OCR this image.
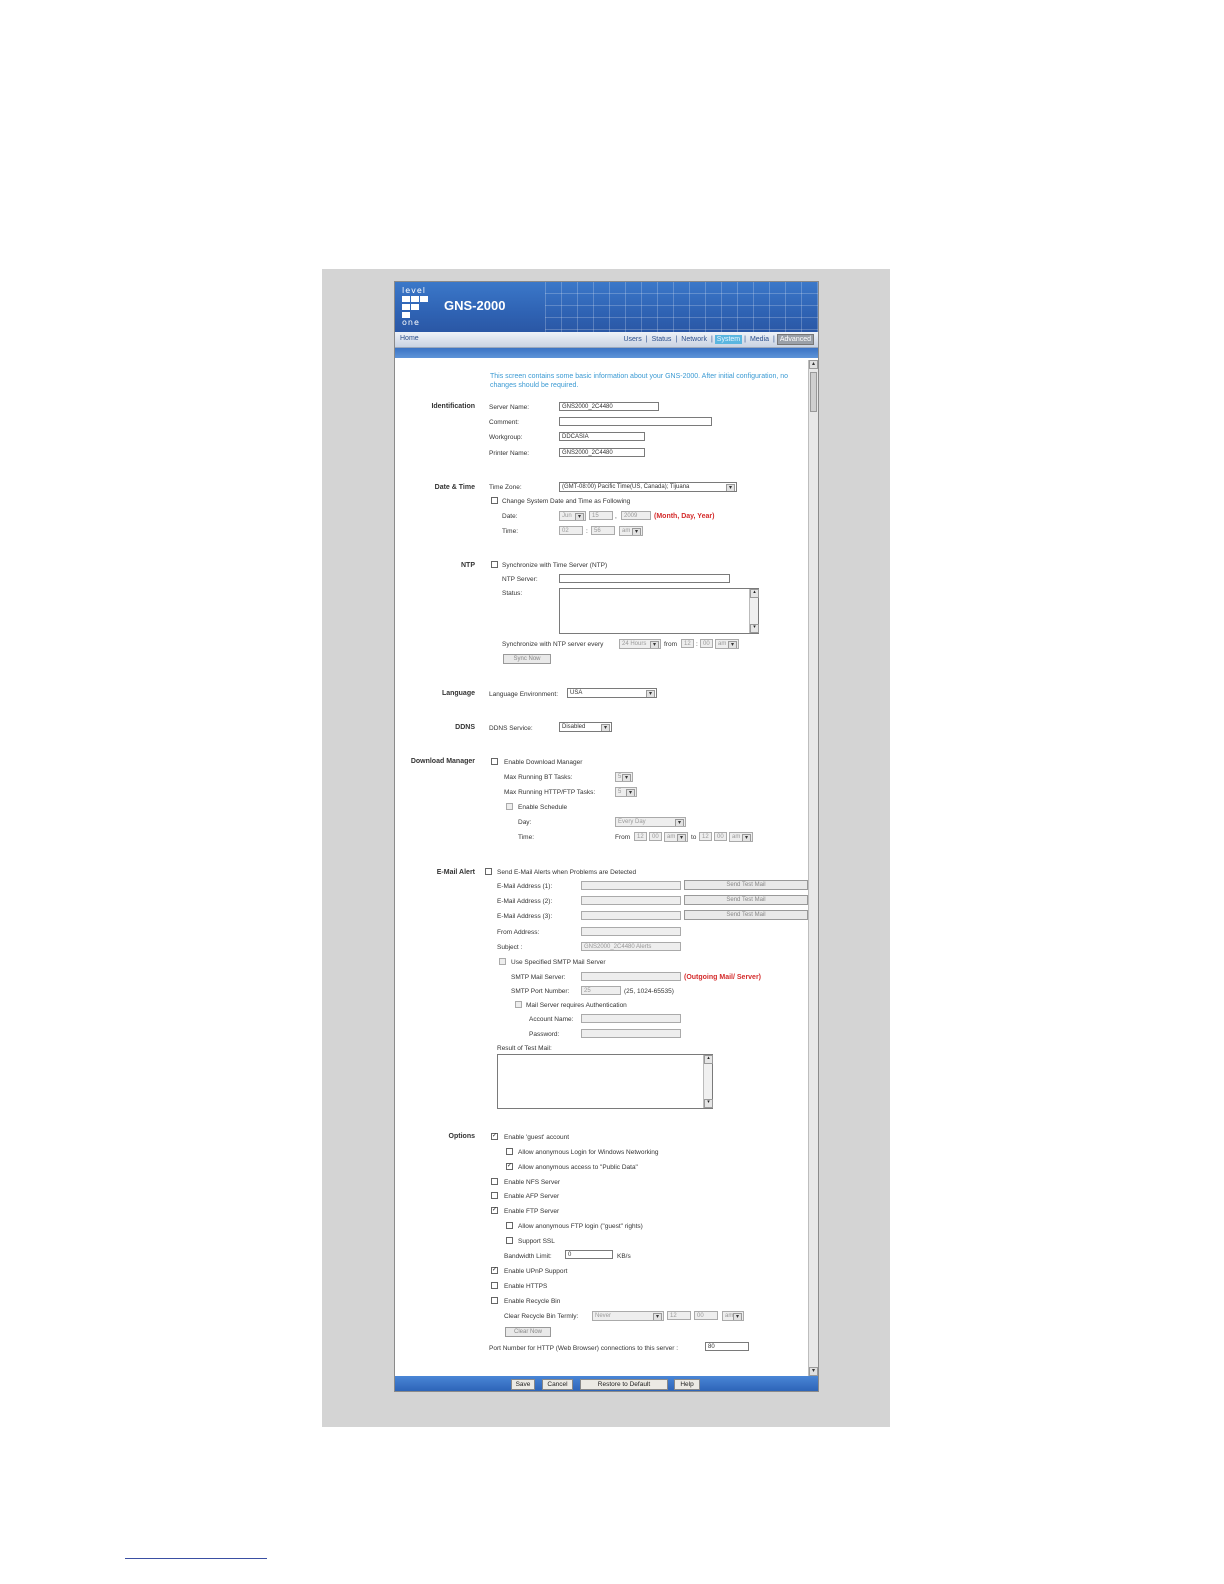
level
one
GNS-2000
Home	Users | Status | Network | System | Media | Advanced
This screen contains some basic information about your GNS-2000. After initial configuration, no changes should be required.
Identification Server Name:	GNS2000_2C4480
Comment:
Workgroup:	DDCASIA
Printer Name:	GNS2000_2C4480
Date & Time Time Zone:	(GMT-08:00) Pacific Time(US, Canada); Tijuana ▾
Change System Date and Time as Following
Date:	Jun ▾	15	,	2009	(Month, Day, Year)
Time:	02	:	56	am ▾
NTP	Synchronize with Time Server (NTP)
NTP Server:
Status:	▴
▾
Synchronize with NTP server every	24 Hours ▾	from	12 : 00	am ▾
Sync Now
Language Language Environment:	USA ▾
DDNS DDNS Service:	Disabled ▾
Download Manager	Enable Download Manager
Max Running BT Tasks:	5 ▾
Max Running HTTP/FTP Tasks:	5 ▾
Enable Schedule
Day:	Every Day ▾
Time:	From	12	00	am ▾	to 12	00	am ▾
E-Mail Alert	Send E-Mail Alerts when Problems are Detected
E-Mail Address (1):	Send Test Mail
E-Mail Address (2):	Send Test Mail
E-Mail Address (3):	Send Test Mail
From Address:
Subject :	GNS2000_2C4480 Alerts
Use Specified SMTP Mail Server
SMTP Mail Server:	(Outgoing Mail/ Server)
SMTP Port Number:	25	(25, 1024-65535)
Mail Server requires Authentication
Account Name:
Password:
Result of Test Mail:
▴
▾
Options	✓ Enable 'guest' account
Allow anonymous Login for Windows Networking
✓ Allow anonymous access to "Public Data"
Enable NFS Server
Enable AFP Server
✓ Enable FTP Server
Allow anonymous FTP login ("guest" rights)
Support SSL
Bandwidth Limit:	0	KB/s
✓ Enable UPnP Support
Enable HTTPS
Enable Recycle Bin
Clear Recycle Bin Termly:	Never ▾	12	00	am ▾
Clear Now
Port Number for HTTP (Web Browser) connections to this server :	80
▴
▾
Save	Cancel	Restore to Default	Help
